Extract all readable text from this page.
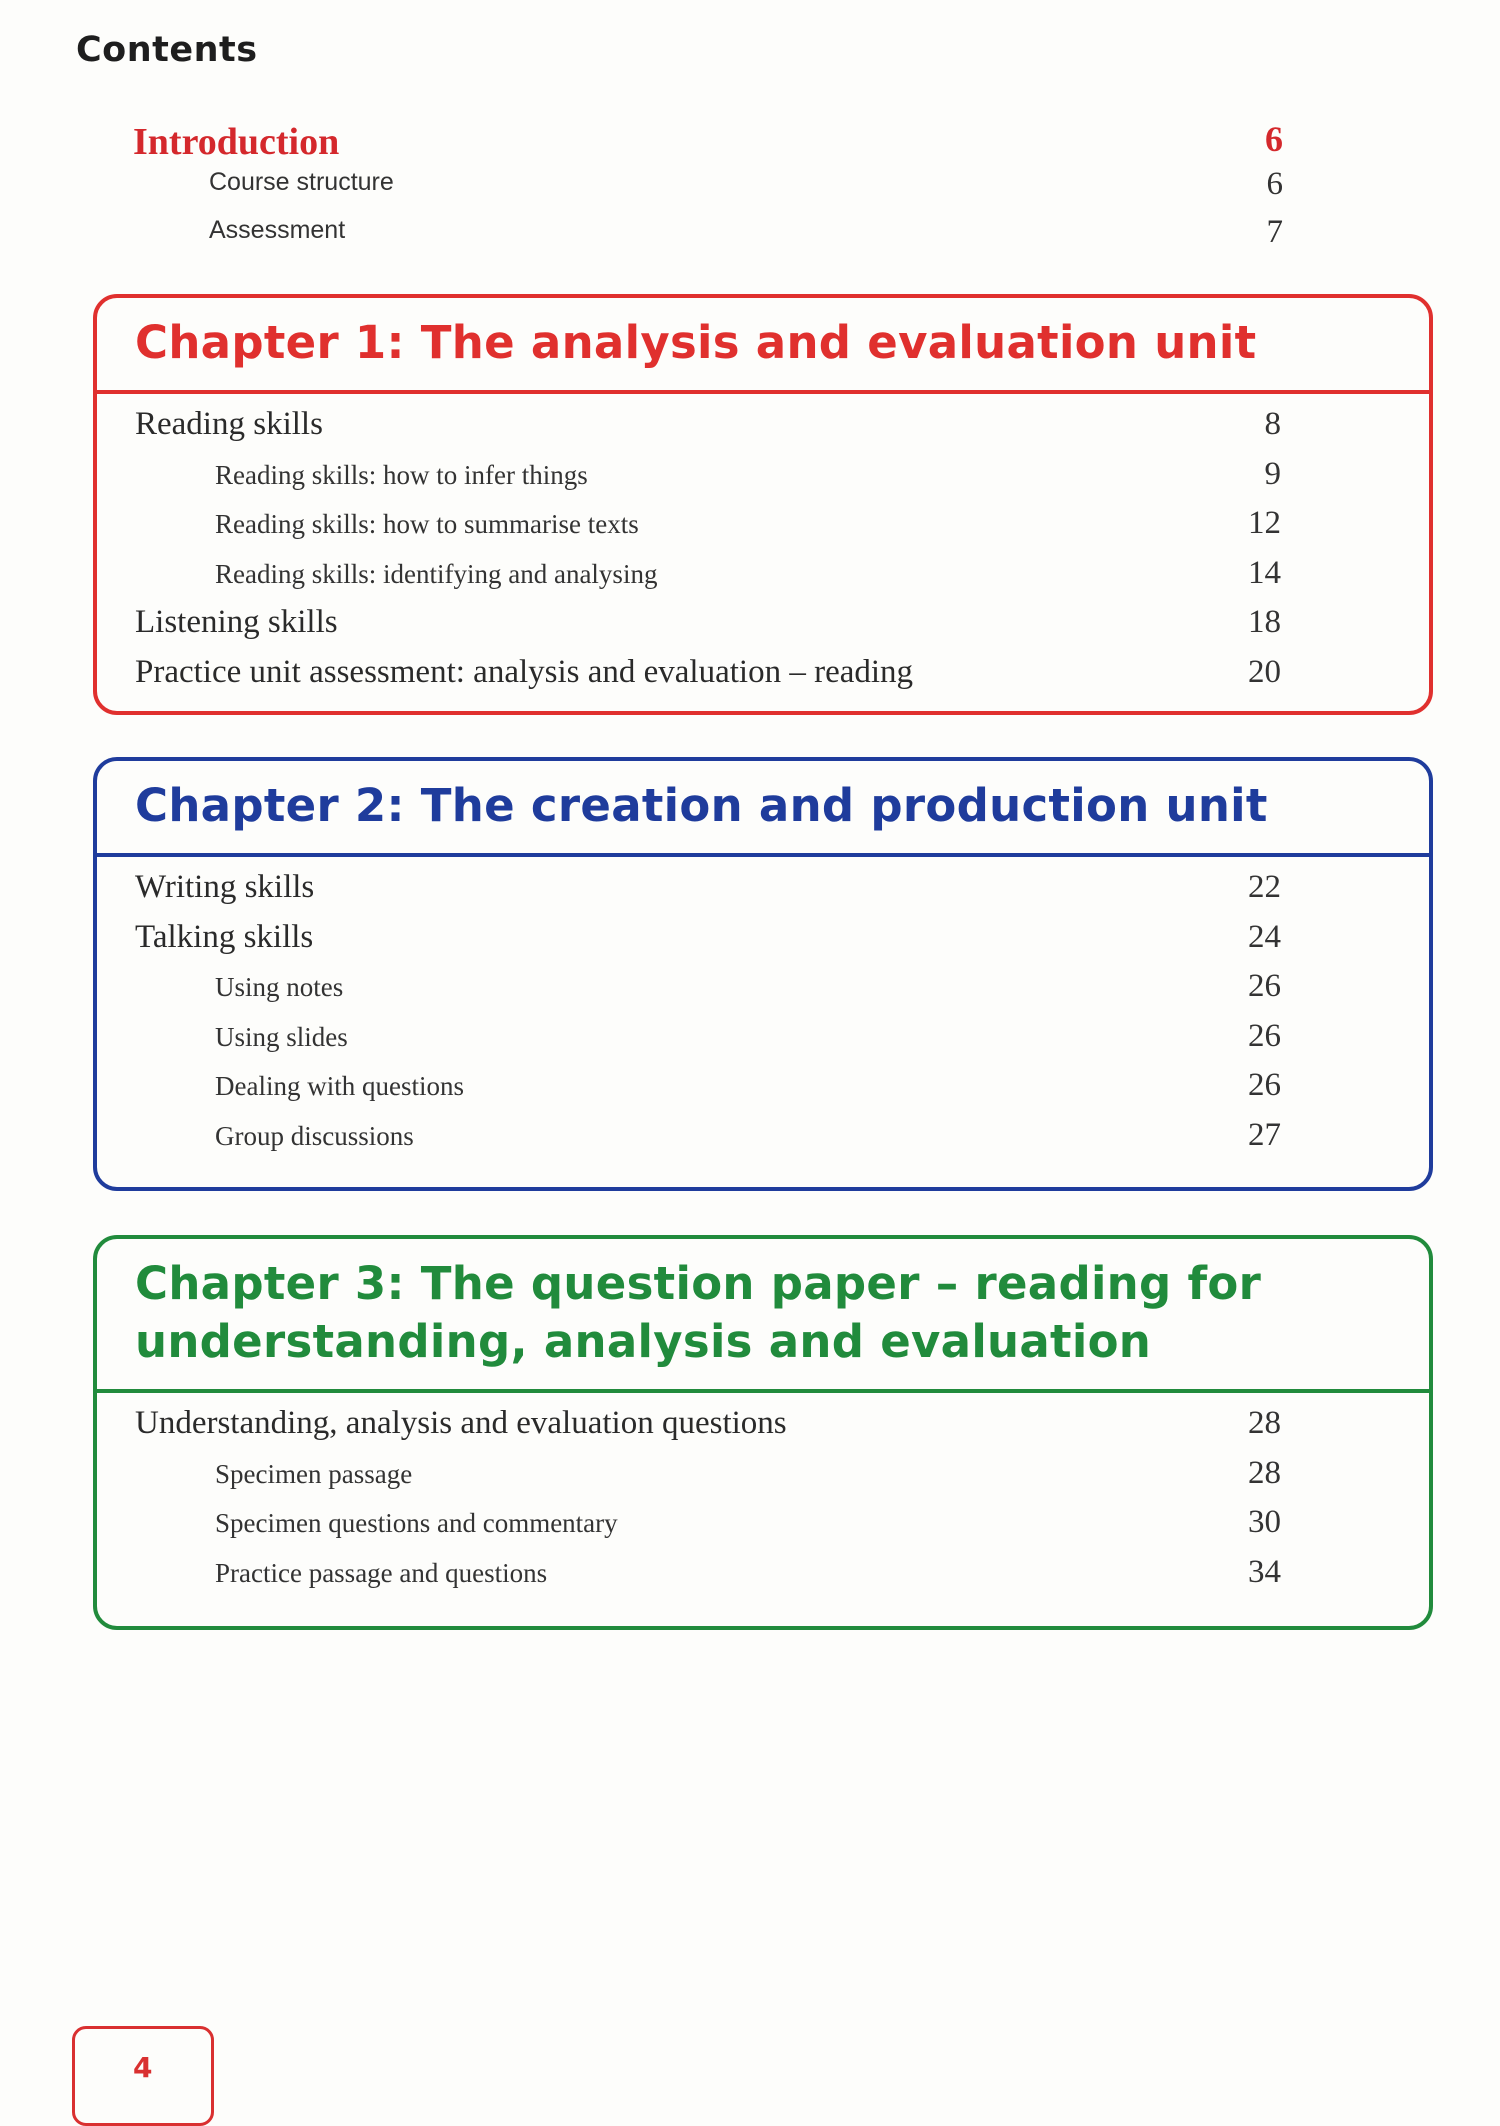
Contents
Introduction	6
Course structure	6
Assessment	7
Chapter 1: The analysis and evaluation unit
Reading skills	8
Reading skills: how to infer things	9
Reading skills: how to summarise texts	12
Reading skills: identifying and analysing	14
Listening skills	18
Practice unit assessment: analysis and evaluation – reading	20
Chapter 2: The creation and production unit
Writing skills	22
Talking skills	24
Using notes	26
Using slides	26
Dealing with questions	26
Group discussions	27
Chapter 3: The question paper – reading for understanding, analysis and evaluation
Understanding, analysis and evaluation questions	28
Specimen passage	28
Specimen questions and commentary	30
Practice passage and questions	34
4
